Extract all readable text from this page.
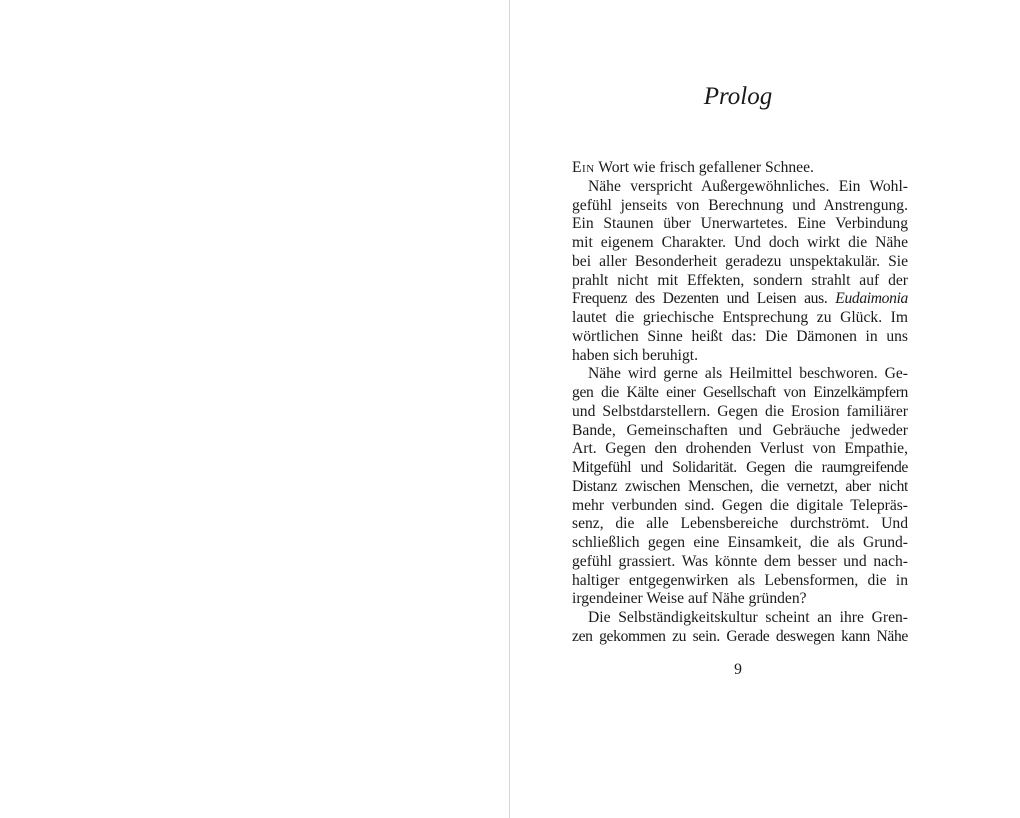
Prolog
Ein Wort wie frisch gefallener Schnee.
Nähe verspricht Außergewöhnliches. Ein Wohl-
gefühl jenseits von Berechnung und Anstrengung.
Ein Staunen über Unerwartetes. Eine Verbindung
mit eigenem Charakter. Und doch wirkt die Nähe
bei aller Besonderheit geradezu unspektakulär. Sie
prahlt nicht mit Effekten, sondern strahlt auf der
Frequenz des Dezenten und Leisen aus. Eudaimonia
lautet die griechische Entsprechung zu Glück. Im
wörtlichen Sinne heißt das: Die Dämonen in uns
haben sich beruhigt.
Nähe wird gerne als Heilmittel beschworen. Ge-
gen die Kälte einer Gesellschaft von Einzelkämpfern
und Selbstdarstellern. Gegen die Erosion familiärer
Bande, Gemeinschaften und Gebräuche jedweder
Art. Gegen den drohenden Verlust von Empathie,
Mitgefühl und Solidarität. Gegen die raumgreifende
Distanz zwischen Menschen, die vernetzt, aber nicht
mehr verbunden sind. Gegen die digitale Telepräs-
senz, die alle Lebensbereiche durchströmt. Und
schließlich gegen eine Einsamkeit, die als Grund-
gefühl grassiert. Was könnte dem besser und nach-
haltiger entgegenwirken als Lebensformen, die in
irgendeiner Weise auf Nähe gründen?
Die Selbständigkeitskultur scheint an ihre Gren-
zen gekommen zu sein. Gerade deswegen kann Nähe
9
